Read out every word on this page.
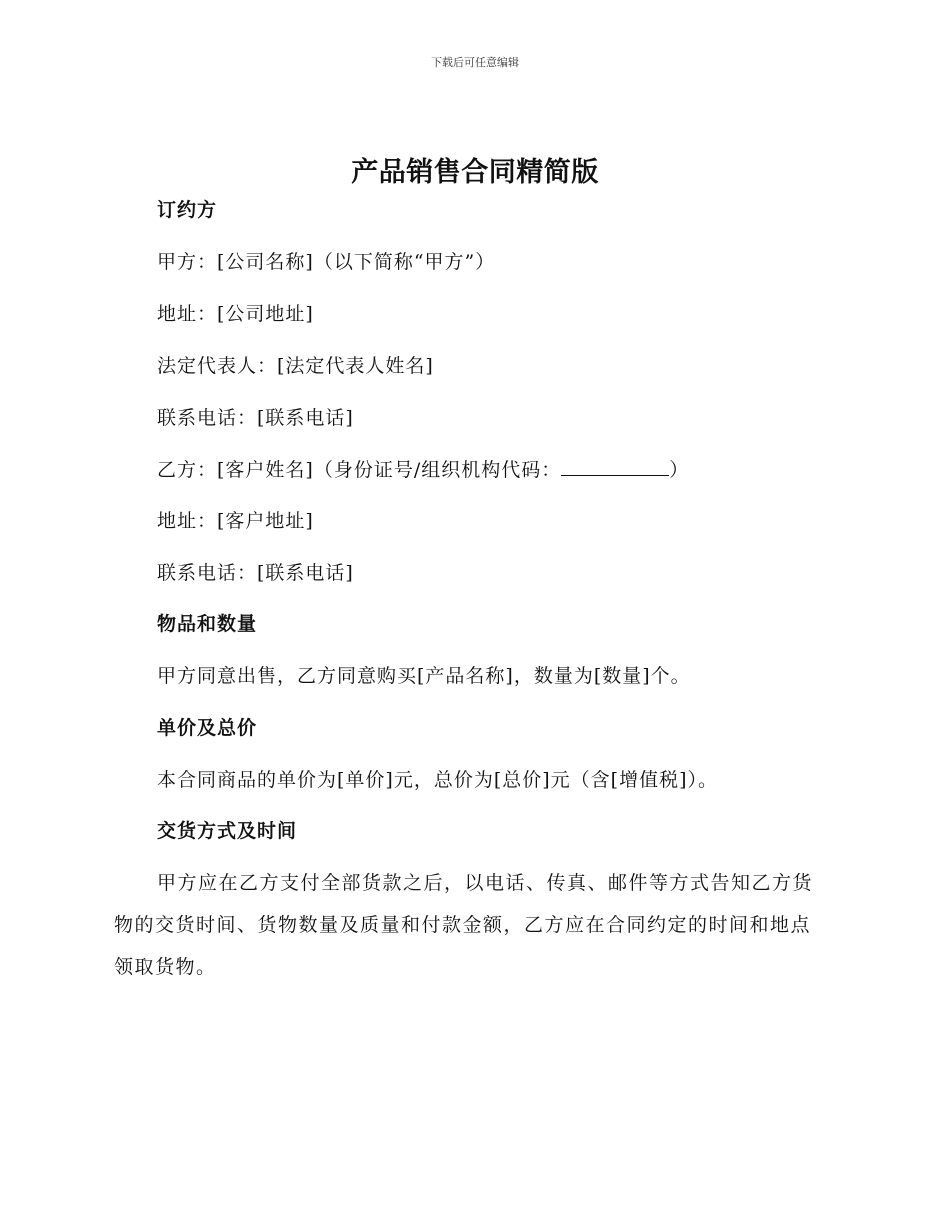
下载后可任意编辑
产品销售合同精简版
订约方
甲方：[公司名称]（以下简称“甲方”）
地址：[公司地址]
法定代表人：[法定代表人姓名]
联系电话：[联系电话]
乙方：[客户姓名]（身份证号/组织机构代码：	）
地址：[客户地址]
联系电话：[联系电话]
物品和数量
甲方同意出售，乙方同意购买[产品名称]，数量为[数量]个。
单价及总价
本合同商品的单价为[单价]元，总价为[总价]元（含[增值税]）。
交货方式及时间
甲方应在乙方支付全部货款之后，以电话、传真、邮件等方式告知乙方货物的交货时间、货物数量及质量和付款金额，乙方应在合同约定的时间和地点领取货物。
